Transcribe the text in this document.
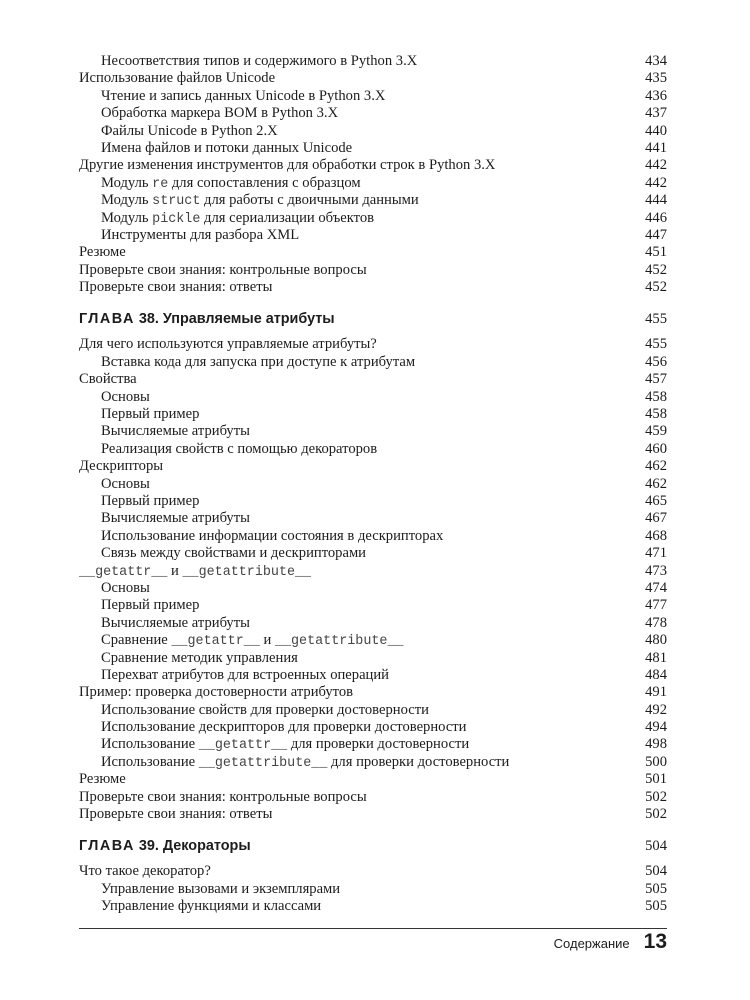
Несоответствия типов и содержимого в Python 3.X	434
Использование файлов Unicode	435
Чтение и запись данных Unicode в Python 3.X	436
Обработка маркера BOM в Python 3.X	437
Файлы Unicode в Python 2.X	440
Имена файлов и потоки данных Unicode	441
Другие изменения инструментов для обработки строк в Python 3.X	442
Модуль re для сопоставления с образцом	442
Модуль struct для работы с двоичными данными	444
Модуль pickle для сериализации объектов	446
Инструменты для разбора XML	447
Резюме	451
Проверьте свои знания: контрольные вопросы	452
Проверьте свои знания: ответы	452
ГЛАВА 38. Управляемые атрибуты	455
Для чего используются управляемые атрибуты?	455
Вставка кода для запуска при доступе к атрибутам	456
Свойства	457
Основы	458
Первый пример	458
Вычисляемые атрибуты	459
Реализация свойств с помощью декораторов	460
Дескрипторы	462
Основы	462
Первый пример	465
Вычисляемые атрибуты	467
Использование информации состояния в дескрипторах	468
Связь между свойствами и дескрипторами	471
__getattr__ и __getattribute__	473
Основы	474
Первый пример	477
Вычисляемые атрибуты	478
Сравнение __getattr__ и __getattribute__	480
Сравнение методик управления	481
Перехват атрибутов для встроенных операций	484
Пример: проверка достоверности атрибутов	491
Использование свойств для проверки достоверности	492
Использование дескрипторов для проверки достоверности	494
Использование __getattr__ для проверки достоверности	498
Использование __getattribute__ для проверки достоверности	500
Резюме	501
Проверьте свои знания: контрольные вопросы	502
Проверьте свои знания: ответы	502
ГЛАВА 39. Декораторы	504
Что такое декоратор?	504
Управление вызовами и экземплярами	505
Управление функциями и классами	505
Содержание 13
